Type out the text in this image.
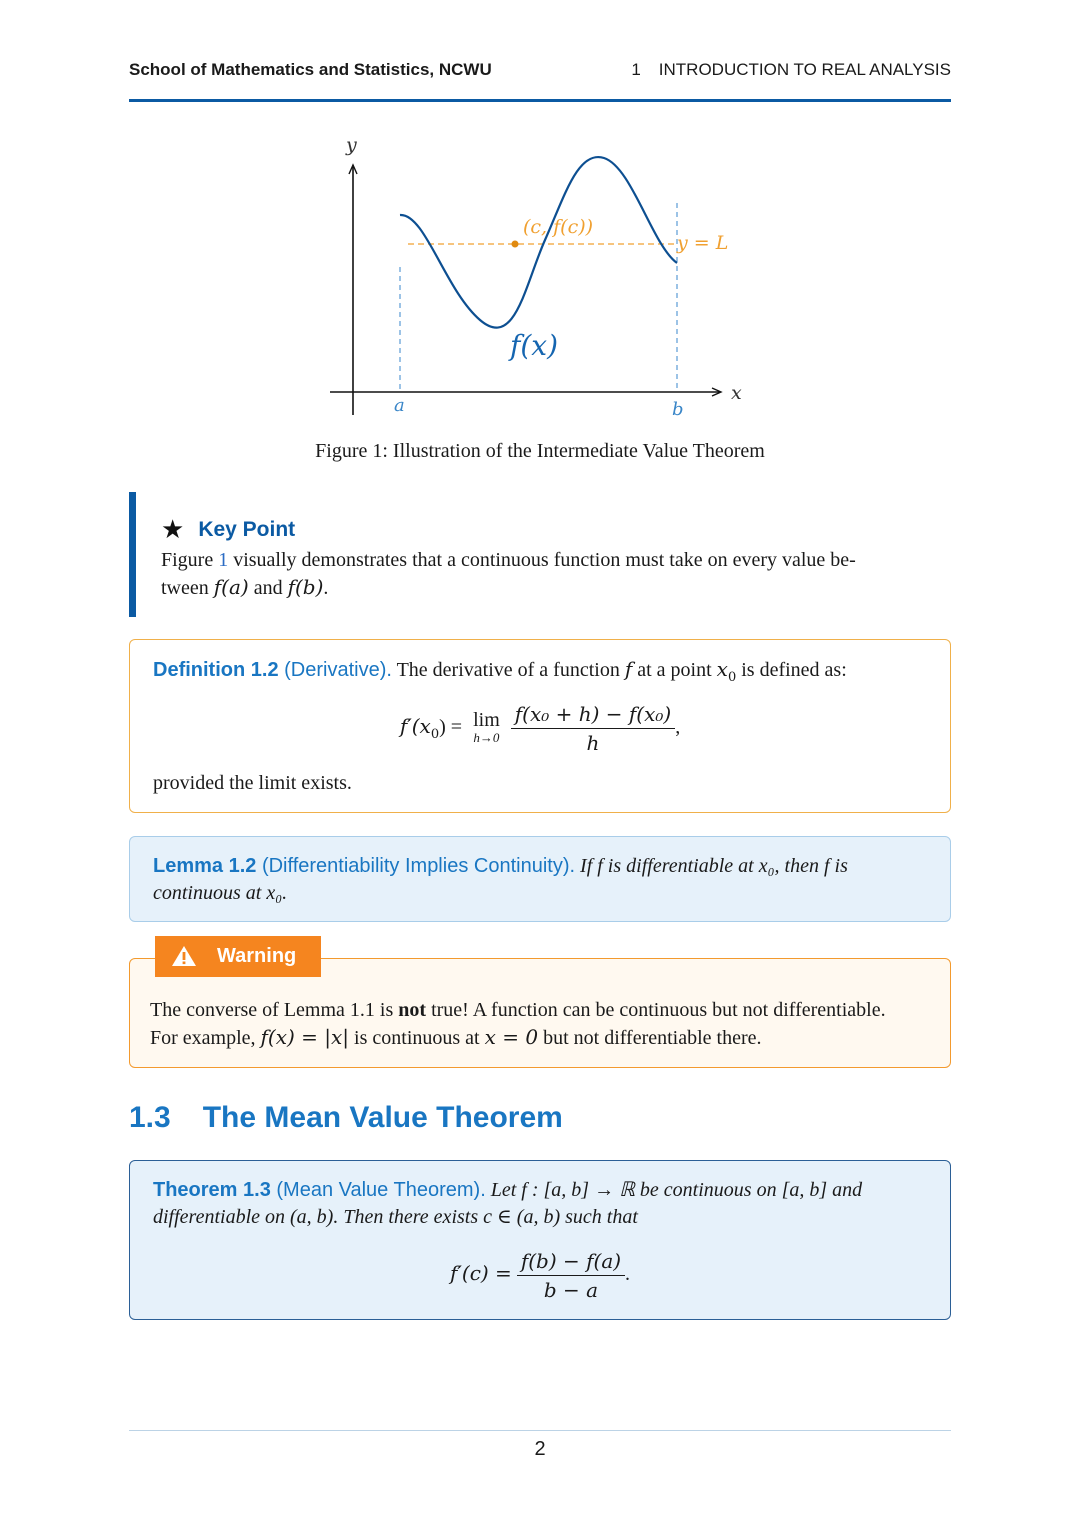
School of Mathematics and Statistics, NCWU	1 INTRODUCTION TO REAL ANALYSIS
y
x
(c, f(c))
y = L
f(x)
a	b
Figure 1: Illustration of the Intermediate Value Theorem
★ Key Point
Figure 1 visually demonstrates that a continuous function must take on every value be-
tween f(a) and f(b).
Definition 1.2 (Derivative). The derivative of a function f at a point $x_0$ is defined as:
$f'(x_0) = \lim$
h→0
$\frac{\text{f(x₀ + h) − f(x₀)}}{h}$ ,
provided the limit exists.
Lemma 1.2 (Differentiability Implies Continuity). If f is differentiable at x₀, then f is
continuous at x₀.
The converse of Lemma 1.1 is not true! A function can be continuous but not differentiable.
For example, f(x) = |x| is continuous at x = 0 but not differentiable there.
Warning
1.3 The Mean Value Theorem
Theorem 1.3 (Mean Value Theorem). Let f : [a, b] → ℝ be continuous on [a, b] and
differentiable on (a, b). Then there exists c ∈ (a, b) such that
$f'(c) = \frac{f(b) - f(a)}{b - a}$ .
2
